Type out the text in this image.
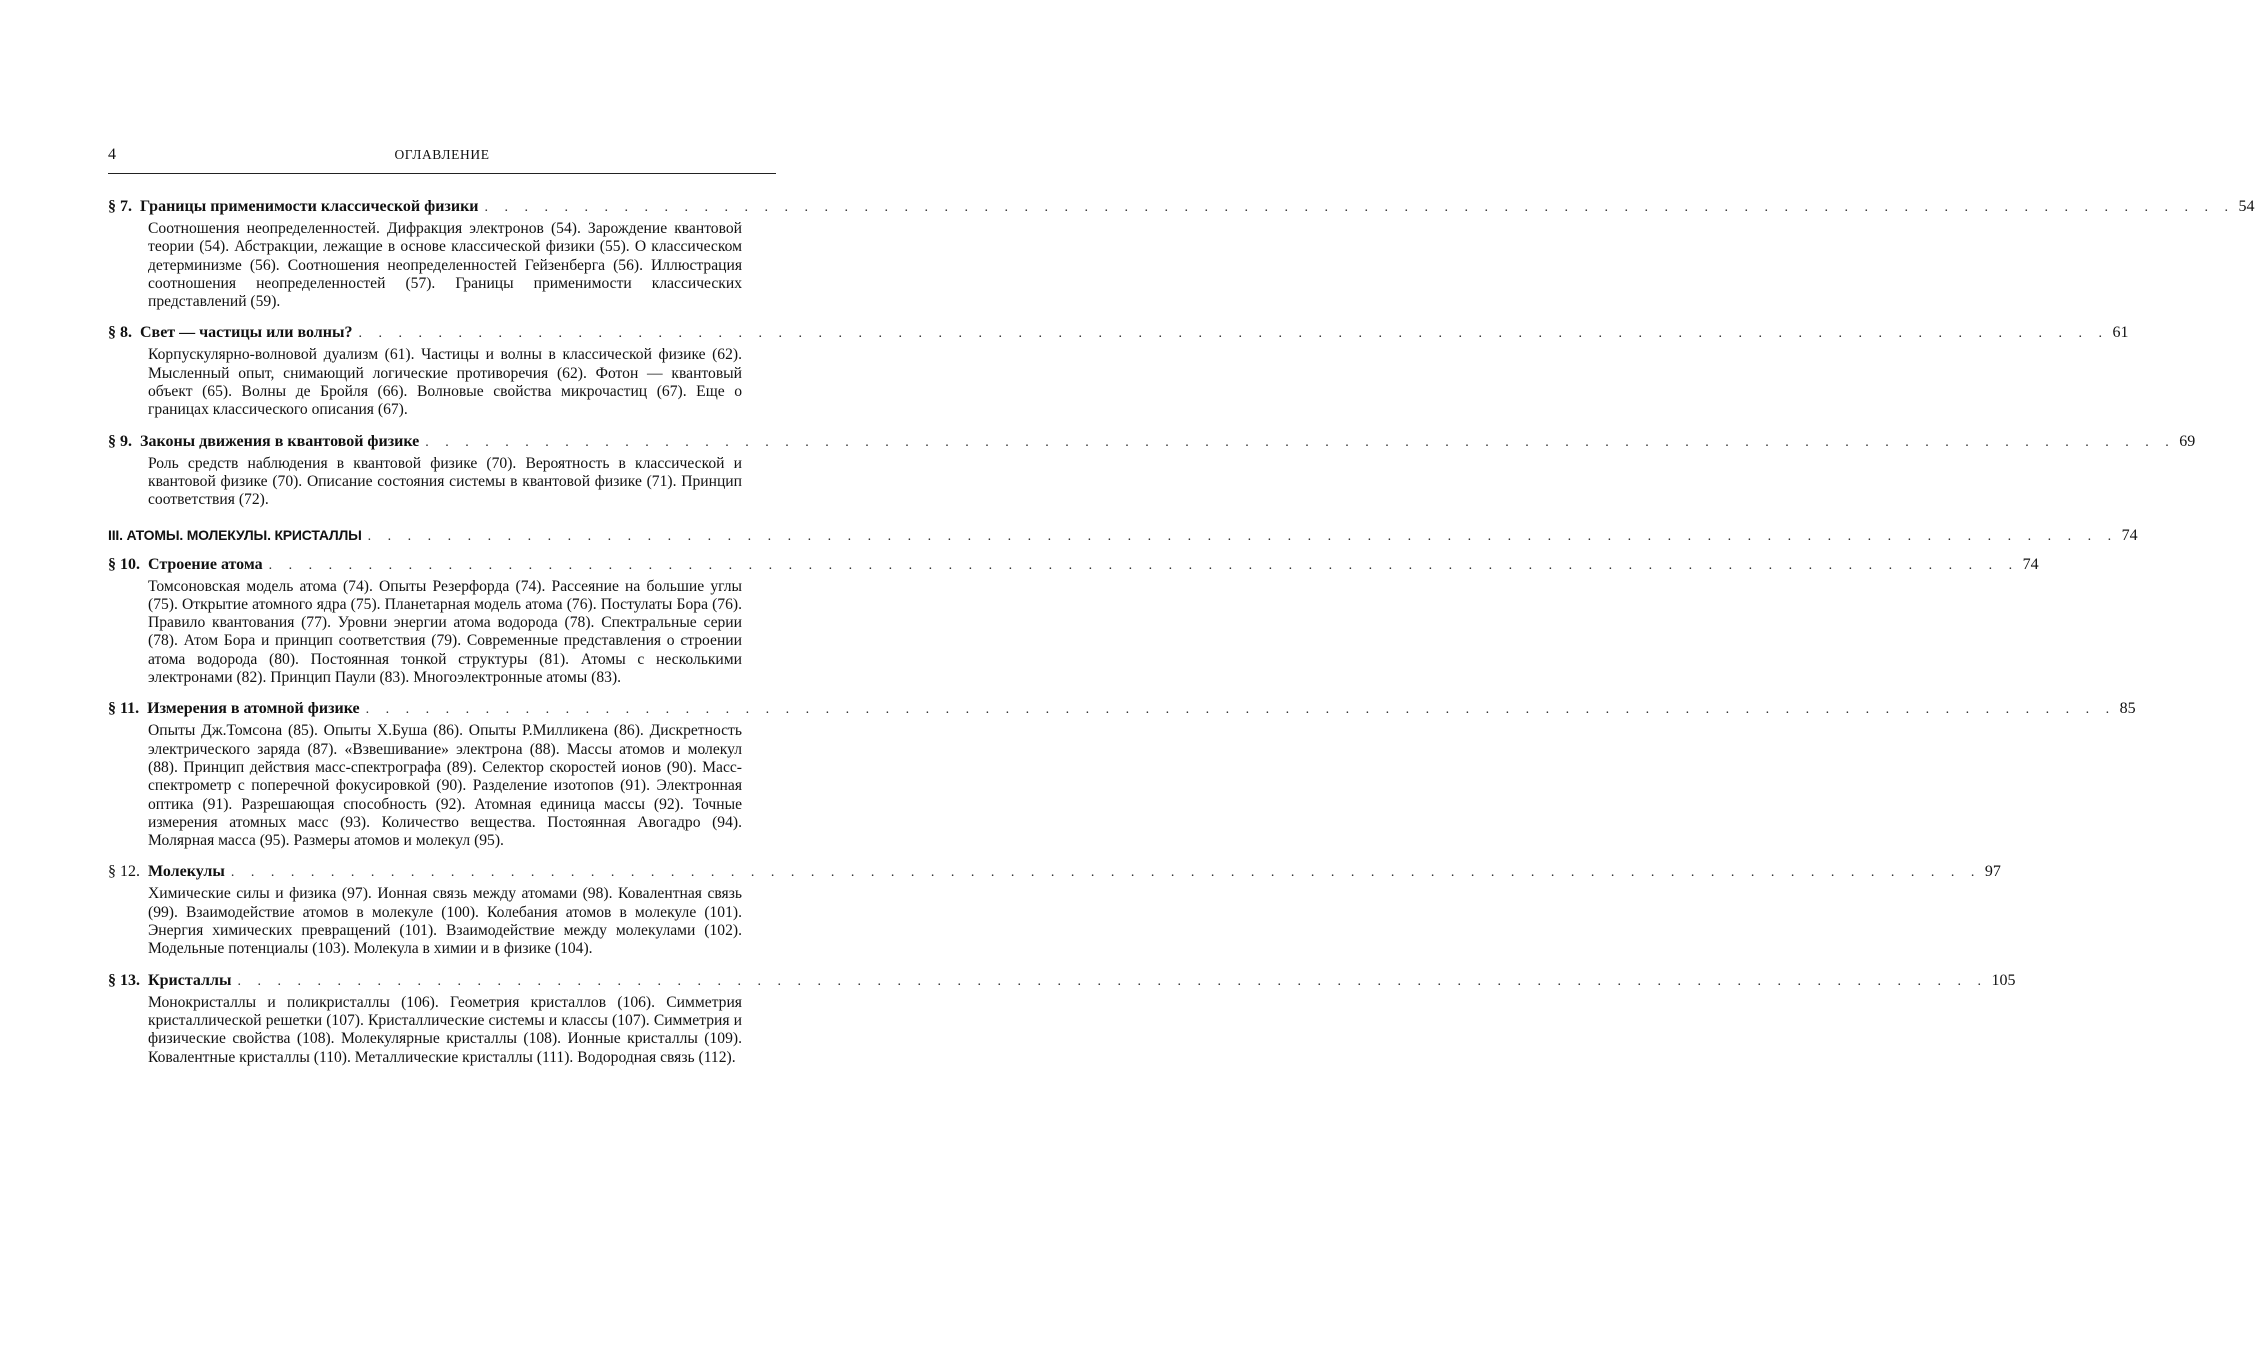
4	ОГЛАВЛЕНИЕ
§ 7. Границы применимости классической физики . . . . . . . . . . . . . . . . . . . . . . . . . . . . . . . . . . . . . . . . . . . . . . . . . . . . . . . . . . . . . . . . . . . . . . . . . . . . . . . . . . . . . . . . 54
Соотношения неопределенностей. Дифракция электронов (54). Зарождение квантовой теории (54). Абстракции, лежащие в основе классической физики (55). О классическом детерминизме (56). Соотношения неопределенностей Гейзенберга (56). Иллюстрация соотношения неопределенностей (57). Границы применимости классических представлений (59).
§ 8. Свет — частицы или волны? . . . . . . . . . . . . . . . . . . . . . . . . . . . . . . . . . . . . . . . . . . . . . . . . . . . . . . . . . . . . . . . . . . . . . . . . . . . . . . . . . . . . . . . . 61
Корпускулярно-волновой дуализм (61). Частицы и волны в классической физике (62). Мысленный опыт, снимающий логические противоречия (62). Фотон — квантовый объект (65). Волны де Бройля (66). Волновые свойства микрочастиц (67). Еще о границах классического описания (67).
§ 9. Законы движения в квантовой физике . . . . . . . . . . . . . . . . . . . . . . . . . . . . . . . . . . . . . . . . . . . . . . . . . . . . . . . . . . . . . . . . . . . . . . . . . . . . . . . . . . . . . . . . 69
Роль средств наблюдения в квантовой физике (70). Вероятность в классической и квантовой физике (70). Описание состояния системы в квантовой физике (71). Принцип соответствия (72).
III. АТОМЫ. МОЛЕКУЛЫ. КРИСТАЛЛЫ . . . . . . . . . . . . . . . . . . . . . . . . . . . . . . . . . . . . . . . . . . . . . . . . . . . . . . . . . . . . . . . . . . . . . . . . . . . . . . . . . . . . . . . . 74
§ 10. Строение атома . . . . . . . . . . . . . . . . . . . . . . . . . . . . . . . . . . . . . . . . . . . . . . . . . . . . . . . . . . . . . . . . . . . . . . . . . . . . . . . . . . . . . . . . 74
Томсоновская модель атома (74). Опыты Резерфорда (74). Рассеяние на большие углы (75). Открытие атомного ядра (75). Планетарная модель атома (76). Постулаты Бора (76). Правило квантования (77). Уровни энергии атома водорода (78). Спектральные серии (78). Атом Бора и принцип соответствия (79). Современные представления о строении атома водорода (80). Постоянная тонкой структуры (81). Атомы с несколькими электронами (82). Принцип Паули (83). Многоэлектронные атомы (83).
§ 11. Измерения в атомной физике . . . . . . . . . . . . . . . . . . . . . . . . . . . . . . . . . . . . . . . . . . . . . . . . . . . . . . . . . . . . . . . . . . . . . . . . . . . . . . . . . . . . . . . . 85
Опыты Дж.Томсона (85). Опыты Х.Буша (86). Опыты Р.Милликена (86). Дискретность электрического заряда (87). «Взвешивание» электрона (88). Массы атомов и молекул (88). Принцип действия масс-спектрографа (89). Селектор скоростей ионов (90). Масс-спектрометр с поперечной фокусировкой (90). Разделение изотопов (91). Электронная оптика (91). Разрешающая способность (92). Атомная единица массы (92). Точные измерения атомных масс (93). Количество вещества. Постоянная Авогадро (94). Молярная масса (95). Размеры атомов и молекул (95).
§ 12. Молекулы . . . . . . . . . . . . . . . . . . . . . . . . . . . . . . . . . . . . . . . . . . . . . . . . . . . . . . . . . . . . . . . . . . . . . . . . . . . . . . . . . . . . . . . . 97
Химические силы и физика (97). Ионная связь между атомами (98). Ковалентная связь (99). Взаимодействие атомов в молекуле (100). Колебания атомов в молекуле (101). Энергия химических превращений (101). Взаимодействие между молекулами (102). Модельные потенциалы (103). Молекула в химии и в физике (104).
§ 13. Кристаллы . . . . . . . . . . . . . . . . . . . . . . . . . . . . . . . . . . . . . . . . . . . . . . . . . . . . . . . . . . . . . . . . . . . . . . . . . . . . . . . . . . . . . . . . 105
Монокристаллы и поликристаллы (106). Геометрия кристаллов (106). Симметрия кристаллической решетки (107). Кристаллические системы и классы (107). Симметрия и физические свойства (108). Молекулярные кристаллы (108). Ионные кристаллы (109). Ковалентные кристаллы (110). Металлические кристаллы (111). Водородная связь (112).
